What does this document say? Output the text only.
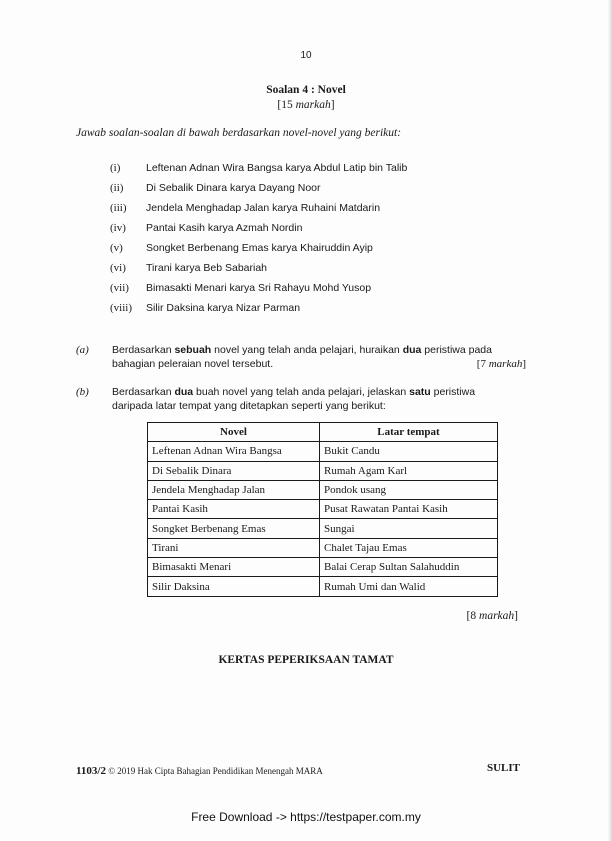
10
Soalan 4 : Novel
[15 markah]
Jawab soalan-soalan di bawah berdasarkan novel-novel yang berikut:
(i)	Leftenan Adnan Wira Bangsa karya Abdul Latip bin Talib
(ii)	Di Sebalik Dinara karya Dayang Noor
(iii)	Jendela Menghadap Jalan karya Ruhaini Matdarin
(iv)	Pantai Kasih karya Azmah Nordin
(v)	Songket Berbenang Emas karya Khairuddin Ayip
(vi)	Tirani karya Beb Sabariah
(vii)	Bimasakti Menari karya Sri Rahayu Mohd Yusop
(viii)	Silir Daksina karya Nizar Parman
(a) Berdasarkan sebuah novel yang telah anda pelajari, huraikan dua peristiwa pada
bahagian peleraian novel tersebut.	[7 markah]
(b) Berdasarkan dua buah novel yang telah anda pelajari, jelaskan satu peristiwa
daripada latar tempat yang ditetapkan seperti yang berikut:
Novel	Latar tempat
Leftenan Adnan Wira Bangsa	Bukit Candu
Di Sebalik Dinara	Rumah Agam Karl
Jendela Menghadap Jalan	Pondok usang
Pantai Kasih	Pusat Rawatan Pantai Kasih
Songket Berbenang Emas	Sungai
Tirani	Chalet Tajau Emas
Bimasakti Menari	Balai Cerap Sultan Salahuddin
Silir Daksina	Rumah Umi dan Walid
[8 markah]
KERTAS PEPERIKSAAN TAMAT
1103/2 © 2019 Hak Cipta Bahagian Pendidikan Menengah MARA	SULIT
Free Download -> https://testpaper.com.my
